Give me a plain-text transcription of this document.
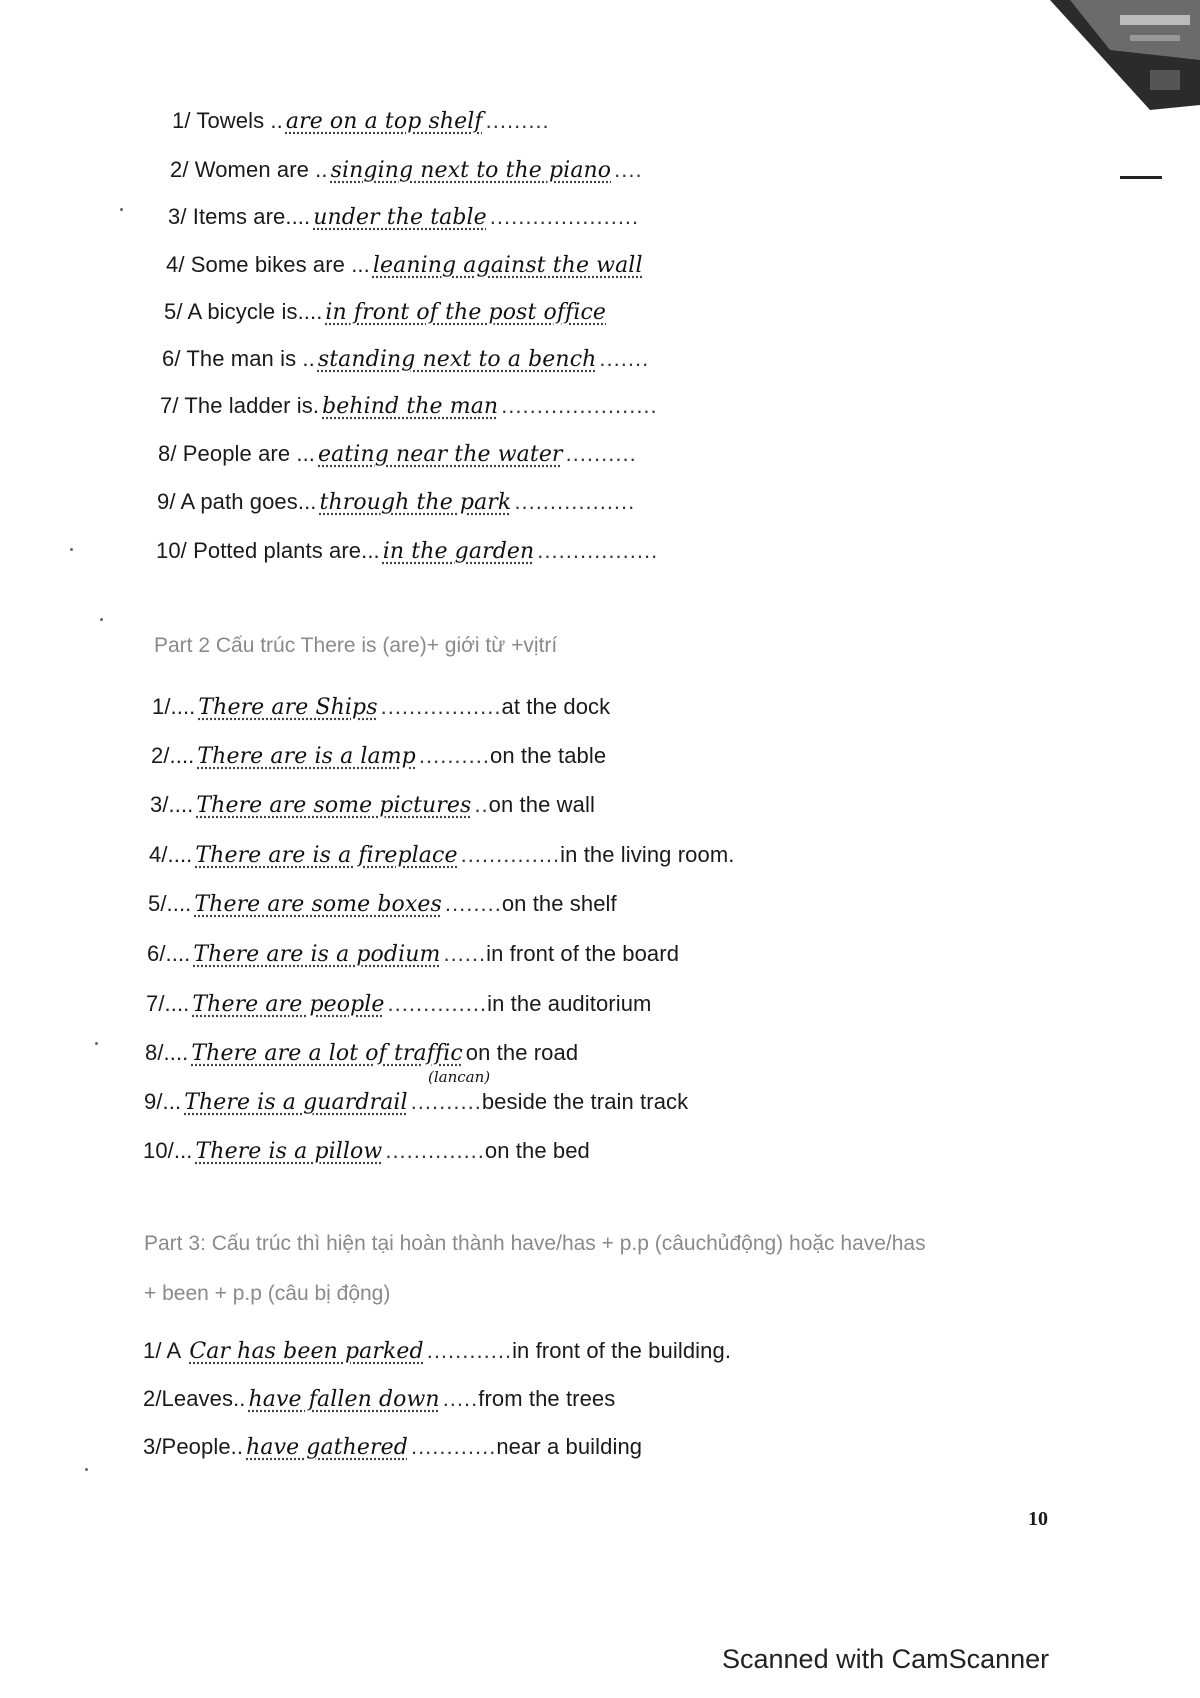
1/ Towels .. are on a top shelf .........
2/ Women are .. singing next to the piano ....
3/ Items are.... under the table .....................
4/ Some bikes are ... leaning against the wall
5/ A bicycle is.... in front of the post office
6/ The man is .. standing next to a bench .......
7/ The ladder is. behind the man ......................
8/ People are ... eating near the water ..........
9/ A path goes... through the park .................
10/ Potted plants are... in the garden .................
Part 2 Cấu trúc There is (are)+ giới từ +vịtrí
1/.... There are Ships .................at the dock
2/.... There are is a lamp ..........on the table
3/.... There are some pictures ..on the wall
4/.... There are is a fireplace ..............in the living room.
5/.... There are some boxes ........on the shelf
6/.... There are is a podium ......in front of the board
7/.... There are people ..............in the auditorium
8/.... There are a lot of traffic on the road
(lancan)
9/... There is a guardrail ..........beside the train track
10/... There is a pillow ..............on the bed
Part 3: Cấu trúc thì hiện tại hoàn thành have/has + p.p (câuchủđộng) hoặc have/has
+ been + p.p (câu bị động)
1/ A Car has been parked ............in front of the building.
2/Leaves.. have fallen down .....from the trees
3/People.. have gathered ............near a building
10
Scanned with CamScanner
